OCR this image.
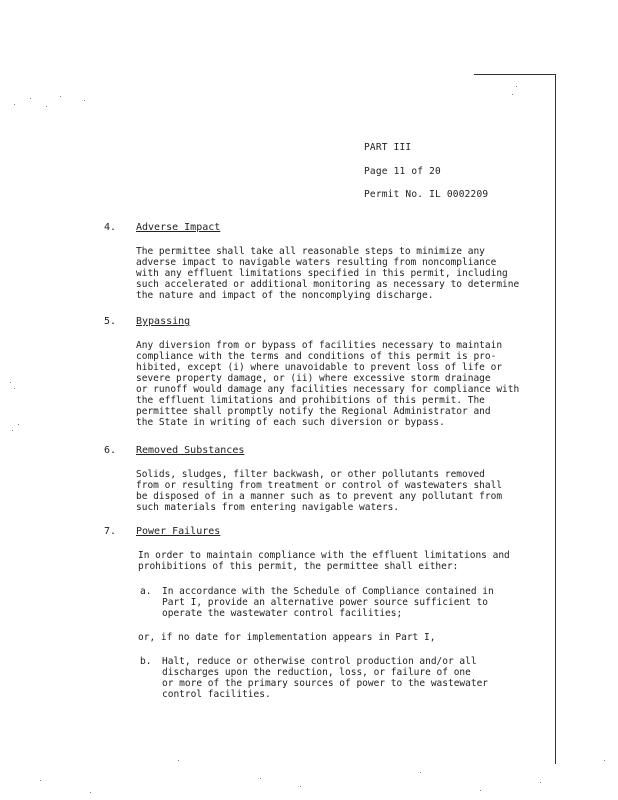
PART III
Page 11 of 20
Permit No. IL 0002209
4. Adverse Impact
The permittee shall take all reasonable steps to minimize any
adverse impact to navigable waters resulting from noncompliance
with any effluent limitations specified in this permit, including
such accelerated or additional monitoring as necessary to determine
the nature and impact of the noncomplying discharge.
5. Bypassing
Any diversion from or bypass of facilities necessary to maintain
compliance with the terms and conditions of this permit is pro-
hibited, except (i) where unavoidable to prevent loss of life or
severe property damage, or (ii) where excessive storm drainage
or runoff would damage any facilities necessary for compliance with
the effluent limitations and prohibitions of this permit. The
permittee shall promptly notify the Regional Administrator and
the State in writing of each such diversion or bypass.
6. Removed Substances
Solids, sludges, filter backwash, or other pollutants removed
from or resulting from treatment or control of wastewaters shall
be disposed of in a manner such as to prevent any pollutant from
such materials from entering navigable waters.
7. Power Failures
In order to maintain compliance with the effluent limitations and
prohibitions of this permit, the permittee shall either:
a. In accordance with the Schedule of Compliance contained in
Part I, provide an alternative power source sufficient to
operate the wastewater control facilities;
or, if no date for implementation appears in Part I,
b. Halt, reduce or otherwise control production and/or all
discharges upon the reduction, loss, or failure of one
or more of the primary sources of power to the wastewater
control facilities.
